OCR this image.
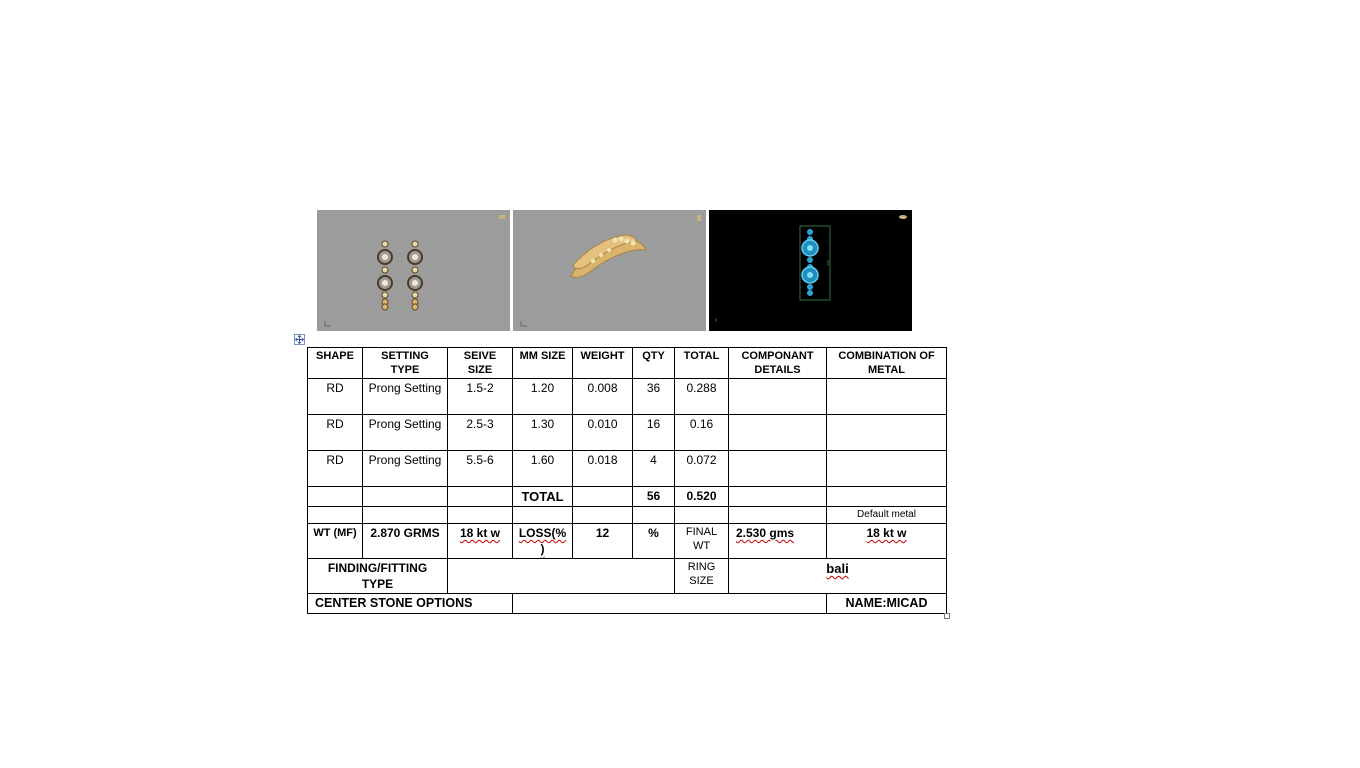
SHAPE	SETTING TYPE	SEIVE SIZE	MM SIZE	WEIGHT	QTY	TOTAL	COMPONANT DETAILS	COMBINATION OF METAL
RD	Prong Setting	1.5-2	1.20	0.008	36	0.288		
RD	Prong Setting	2.5-3	1.30	0.010	16	0.16		
RD	Prong Setting	5.5-6	1.60	0.018	4	0.072		
			TOTAL		56	0.520		
								Default metal
WT (MF)	2.870 GRMS	18 kt w	LOSS(% )	12	%	FINAL WT	2.530 gms	18 kt w
FINDING/FITTING TYPE						RING SIZE	bali	
CENTER STONE OPTIONS								NAME:MICAD
